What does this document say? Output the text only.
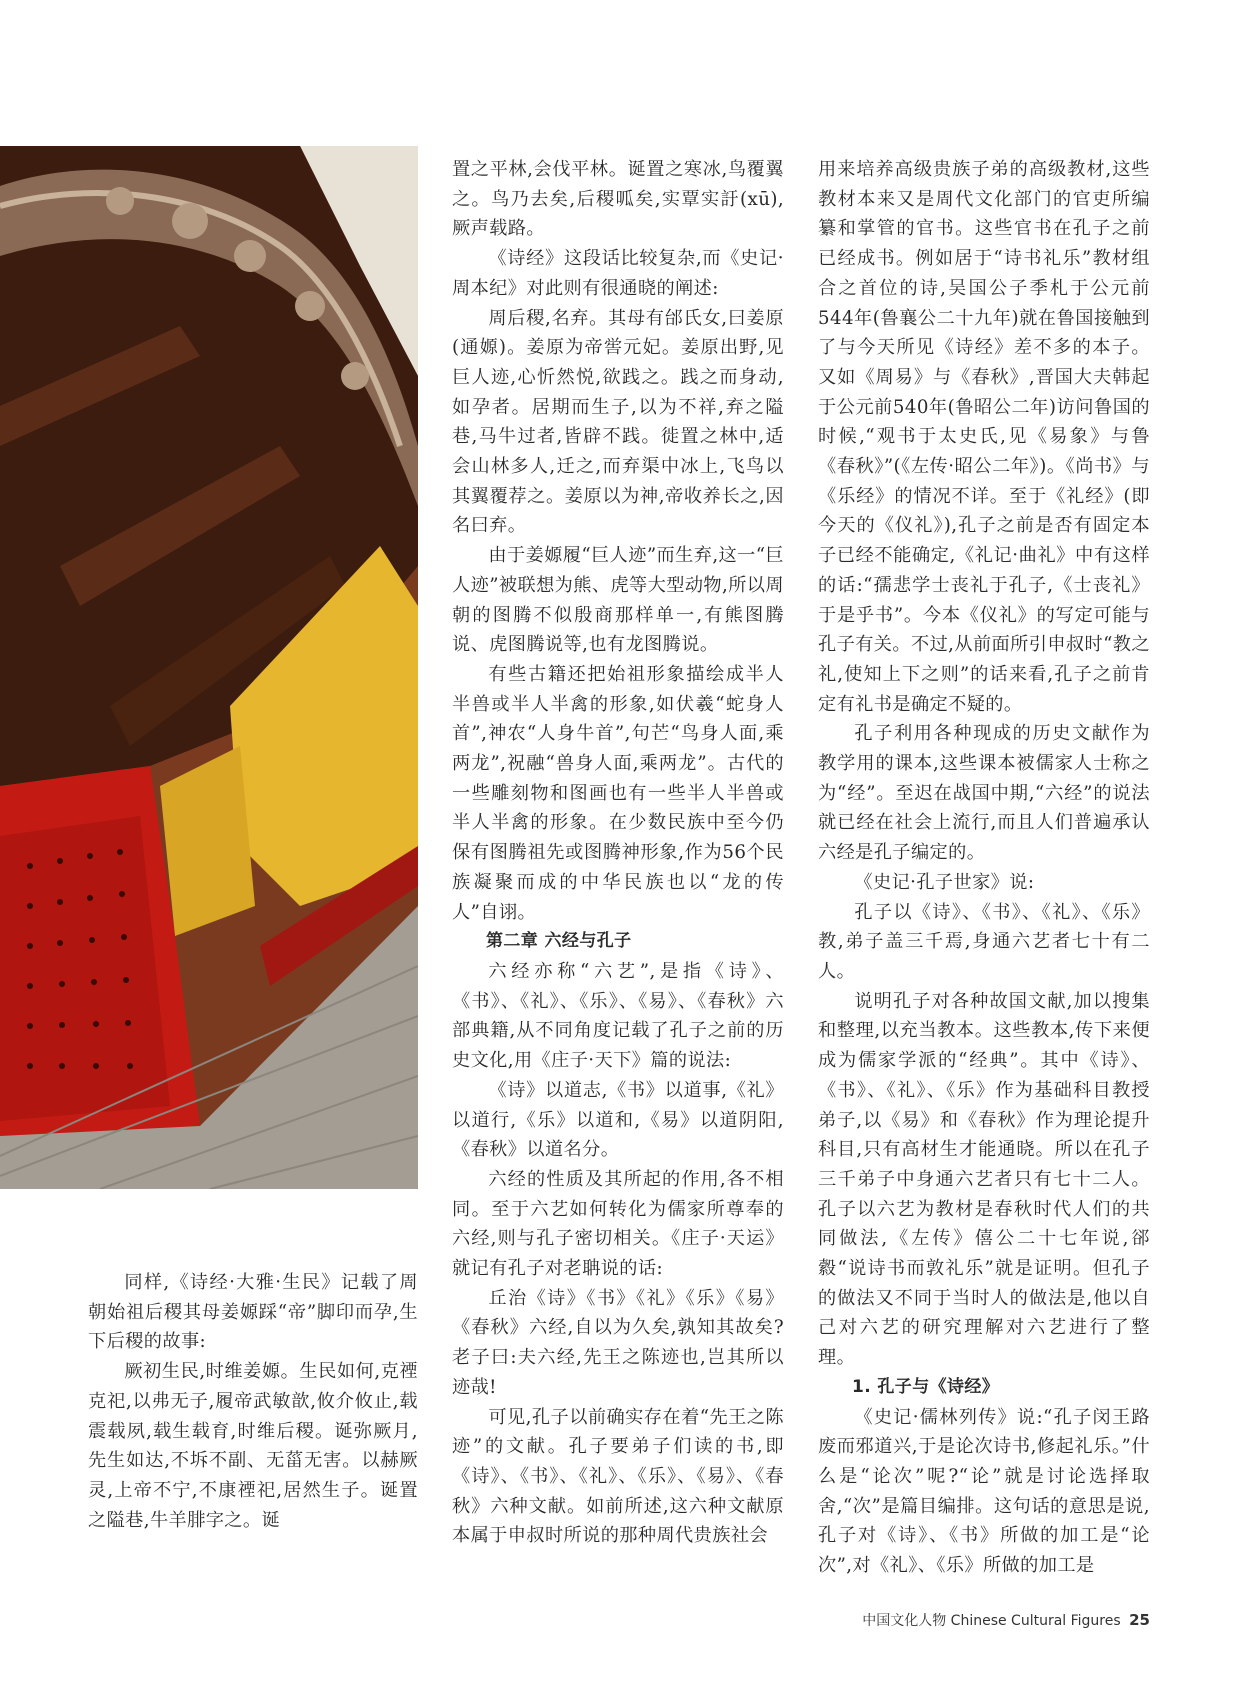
同样,《诗经·大雅·生民》记载了周朝始祖后稷其母姜嫄踩“帝”脚印而孕,生下后稷的故事:

厥初生民,时维姜嫄。生民如何,克禋克祀,以弗无子,履帝武敏歆,攸介攸止,载震载夙,载生载育,时维后稷。诞弥厥月,先生如达,不坼不副、无菑无害。以赫厥灵,上帝不宁,不康禋祀,居然生子。诞置之隘巷,牛羊腓字之。诞

置之平林,会伐平林。诞置之寒冰,鸟覆翼之。鸟乃去矣,后稷呱矣,实覃实訏(xū),厥声载路。

《诗经》这段话比较复杂,而《史记·周本纪》对此则有很通晓的阐述:

周后稷,名弃。其母有邰氏女,曰姜原(通嫄)。姜原为帝喾元妃。姜原出野,见巨人迹,心忻然悦,欲践之。践之而身动,如孕者。居期而生子,以为不祥,弃之隘巷,马牛过者,皆辟不践。徙置之林中,适会山林多人,迁之,而弃渠中冰上,飞鸟以其翼覆荐之。姜原以为神,帝收养长之,因名曰弃。

由于姜嫄履“巨人迹”而生弃,这一“巨人迹”被联想为熊、虎等大型动物,所以周朝的图腾不似殷商那样单一,有熊图腾说、虎图腾说等,也有龙图腾说。

有些古籍还把始祖形象描绘成半人半兽或半人半禽的形象,如伏羲“蛇身人首”,神农“人身牛首”,句芒“鸟身人面,乘两龙”,祝融“兽身人面,乘两龙”。古代的一些雕刻物和图画也有一些半人半兽或半人半禽的形象。在少数民族中至今仍保有图腾祖先或图腾神形象,作为56个民族凝聚而成的中华民族也以“龙的传人”自诩。

第二章 六经与孔子

六经亦称“六艺”,是指《诗》、《书》、《礼》、《乐》、《易》、《春秋》六部典籍,从不同角度记载了孔子之前的历史文化,用《庄子·天下》篇的说法:

《诗》以道志,《书》以道事,《礼》以道行,《乐》以道和,《易》以道阴阳,《春秋》以道名分。

六经的性质及其所起的作用,各不相同。至于六艺如何转化为儒家所尊奉的六经,则与孔子密切相关。《庄子·天运》就记有孔子对老聃说的话:

丘治《诗》《书》《礼》《乐》《易》《春秋》六经,自以为久矣,孰知其故矣?老子曰:夫六经,先王之陈迹也,岂其所以迹哉!

可见,孔子以前确实存在着“先王之陈迹”的文献。孔子要弟子们读的书,即《诗》、《书》、《礼》、《乐》、《易》、《春秋》六种文献。如前所述,这六种文献原本属于申叔时所说的那种周代贵族社会

用来培养高级贵族子弟的高级教材,这些教材本来又是周代文化部门的官吏所编纂和掌管的官书。这些官书在孔子之前已经成书。例如居于“诗书礼乐”教材组合之首位的诗,吴国公子季札于公元前544年(鲁襄公二十九年)就在鲁国接触到了与今天所见《诗经》差不多的本子。又如《周易》与《春秋》,晋国大夫韩起于公元前540年(鲁昭公二年)访问鲁国的时候,“观书于太史氏,见《易象》与鲁《春秋》”(《左传·昭公二年》)。《尚书》与《乐经》的情况不详。至于《礼经》(即今天的《仪礼》),孔子之前是否有固定本子已经不能确定,《礼记·曲礼》中有这样的话:“孺悲学士丧礼于孔子,《士丧礼》于是乎书”。今本《仪礼》的写定可能与孔子有关。不过,从前面所引申叔时“教之礼,使知上下之则”的话来看,孔子之前肯定有礼书是确定不疑的。

孔子利用各种现成的历史文献作为教学用的课本,这些课本被儒家人士称之为“经”。至迟在战国中期,“六经”的说法就已经在社会上流行,而且人们普遍承认六经是孔子编定的。

《史记·孔子世家》说:

孔子以《诗》、《书》、《礼》、《乐》教,弟子盖三千焉,身通六艺者七十有二人。

说明孔子对各种故国文献,加以搜集和整理,以充当教本。这些教本,传下来便成为儒家学派的“经典”。其中《诗》、《书》、《礼》、《乐》作为基础科目教授弟子,以《易》和《春秋》作为理论提升科目,只有高材生才能通晓。所以在孔子三千弟子中身通六艺者只有七十二人。孔子以六艺为教材是春秋时代人们的共同做法,《左传》僖公二十七年说,郤縠“说诗书而敦礼乐”就是证明。但孔子的做法又不同于当时人的做法是,他以自己对六艺的研究理解对六艺进行了整理。

1. 孔子与《诗经》

《史记·儒林列传》说:“孔子闵王路废而邪道兴,于是论次诗书,修起礼乐。”什么是“论次”呢?“论”就是讨论选择取舍,“次”是篇目编排。这句话的意思是说,孔子对《诗》、《书》所做的加工是“论次”,对《礼》、《乐》所做的加工是

中国文化人物 Chinese Cultural Figures 25
